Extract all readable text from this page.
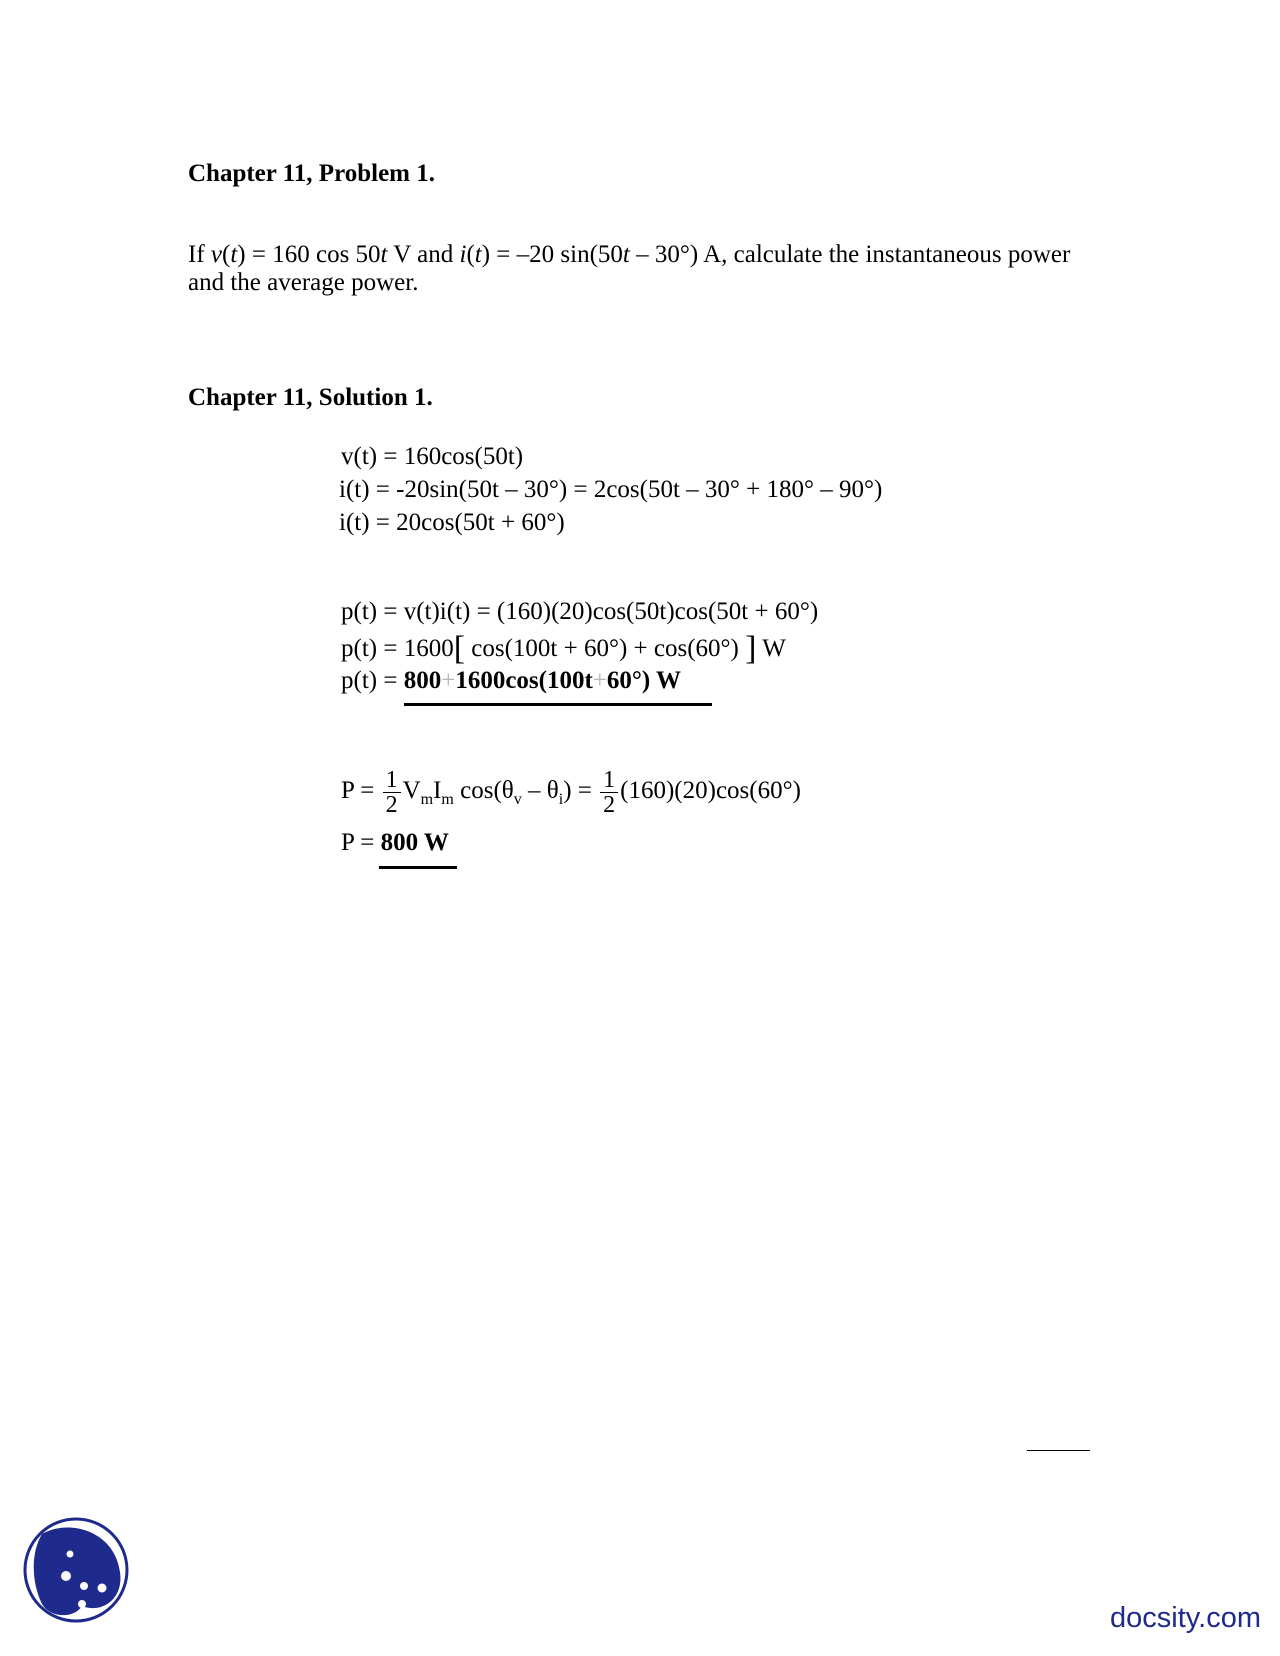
Chapter 11, Problem 1.
If v(t) = 160 cos 50t V and i(t) = –20 sin(50t – 30°) A, calculate the instantaneous power
and the average power.
Chapter 11, Solution 1.
v(t) = 160cos(50t)
i(t) = -20sin(50t – 30°) = 2cos(50t – 30° + 180° – 90°)
i(t) = 20cos(50t + 60°)
p(t) = v(t)i(t) = (160)(20)cos(50t)cos(50t + 60°)
p(t) = 1600[ cos(100t + 60°) + cos(60°) ] W
p(t) = 800+1600cos(100t+60°) W
$P = \frac{1}{2} V_mI_m$ $\cos(\theta_v - \theta_i) = \frac{1}{2} (160)(20)\cos(60^\circ)$
P = 800 W
docsity.com
